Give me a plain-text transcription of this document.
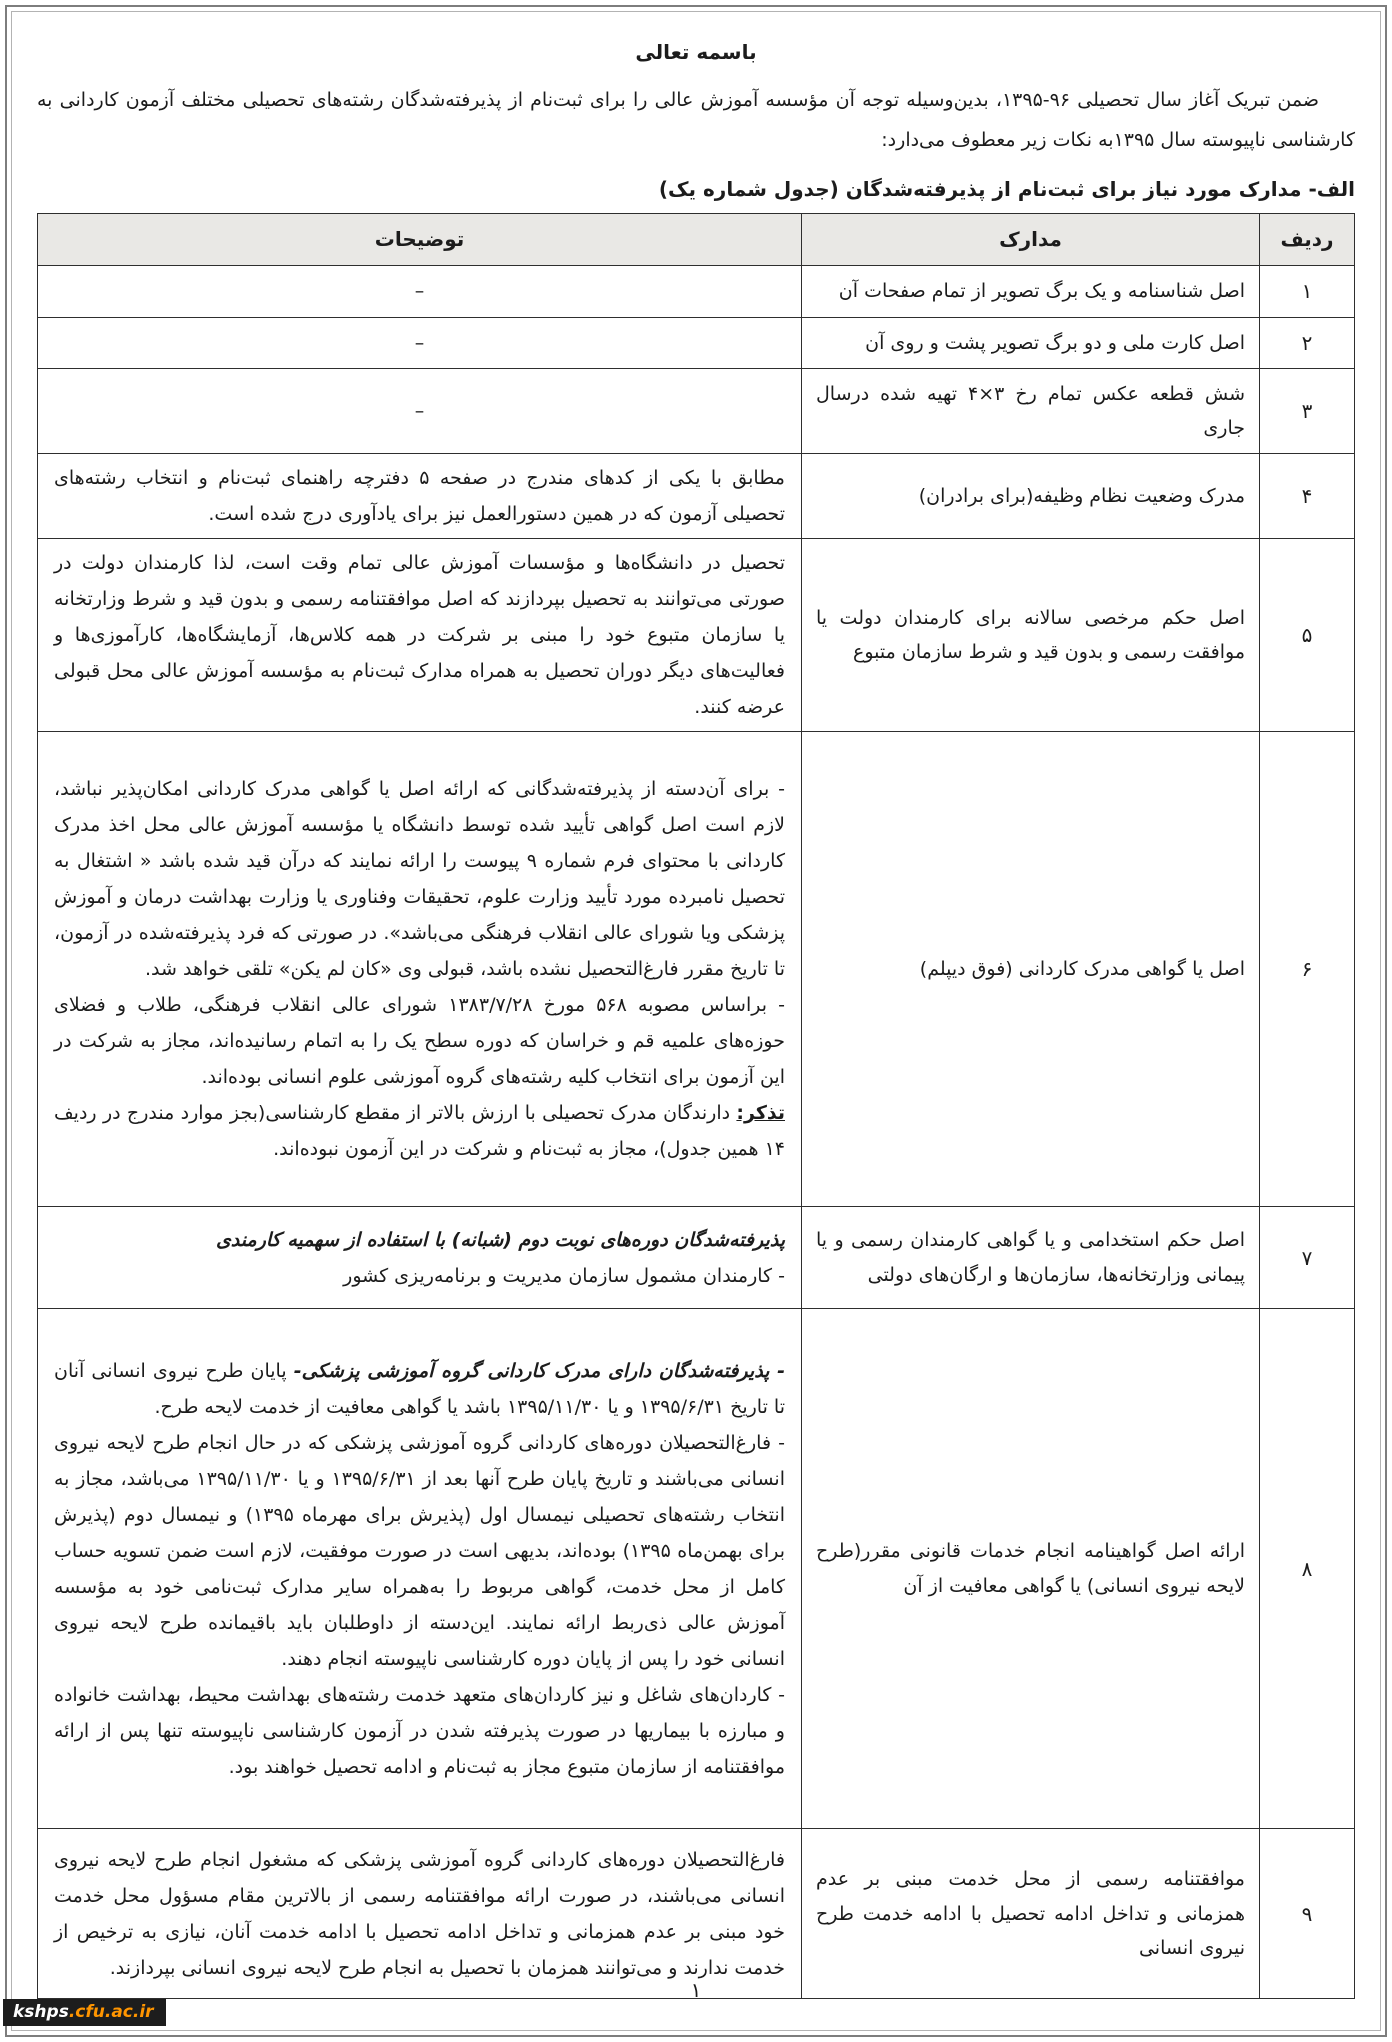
باسمه تعالی

ضمن تبریک آغاز سال تحصیلی ۹۶-۱۳۹۵، بدین‌وسیله توجه آن مؤسسه آموزش عالی را برای ثبت‌نام از پذیرفته‌شدگان رشته‌های تحصیلی مختلف آزمون کاردانی به کارشناسی ناپیوسته سال ۱۳۹۵به نکات زیر معطوف می‌دارد:

الف- مدارک مورد نیاز برای ثبت‌نام از پذیرفته‌شدگان (جدول شماره یک)
ردیف	مدارک	توضیحات
۱	اصل شناسنامه و یک برگ تصویر از تمام صفحات آن	–
۲	اصل کارت ملی و دو برگ تصویر پشت و روی آن	–
۳	شش قطعه عکس تمام رخ ۳×۴ تهیه شده درسال جاری	–
۴	مدرک وضعیت نظام وظیفه(برای برادران)	مطابق با یکی از کدهای مندرج در صفحه ۵ دفترچه راهنمای ثبت‌نام و انتخاب رشته‌های تحصیلی آزمون که در همین دستورالعمل نیز برای یادآوری درج شده است.

۵	اصل حکم مرخصی سالانه برای کارمندان دولت یا موافقت رسمی و بدون قید و شرط سازمان متبوع	تحصیل در دانشگاه‌ها و مؤسسات آموزش عالی تمام وقت است، لذا کارمندان دولت در صورتی می‌توانند به تحصیل بپردازند که اصل موافقتنامه رسمی و بدون قید و شرط وزارتخانه یا سازمان متبوع خود را مبنی بر شرکت در همه کلاس‌ها، آزمایشگاه‌ها، کارآموزی‌ها و فعالیت‌های دیگر دوران تحصیل به همراه مدارک ثبت‌نام به مؤسسه آموزش عالی محل قبولی عرضه کنند.

۶	اصل یا گواهی مدرک کاردانی (فوق دیپلم)	- برای آن‌دسته از پذیرفته‌شدگانی که ارائه اصل یا گواهی مدرک کاردانی امکان‌پذیر نباشد، لازم است اصل گواهی تأیید شده توسط دانشگاه یا مؤسسه آموزش عالی محل اخذ مدرک کاردانی با محتوای فرم شماره ۹ پیوست را ارائه نمایند که درآن قید شده باشد « اشتغال به تحصیل نامبرده مورد تأیید وزارت علوم، تحقیقات وفناوری یا وزارت بهداشت درمان و آموزش پزشکی ویا شورای عالی انقلاب فرهنگی می‌باشد». در صورتی که فرد پذیرفته‌شده در آزمون، تا تاریخ مقرر فارغ‌التحصیل نشده باشد، قبولی وی «کان لم یکن» تلقی خواهد شد.

- براساس مصوبه ۵۶۸ مورخ ۱۳۸۳/۷/۲۸ شورای عالی انقلاب فرهنگی، طلاب و فضلای حوزه‌های علمیه قم و خراسان که دوره سطح یک را به اتمام رسانیده‌اند، مجاز به شرکت در این آزمون برای انتخاب کلیه رشته‌های گروه آموزشی علوم انسانی بوده‌اند.

تذکر: دارندگان مدرک تحصیلی با ارزش بالاتر از مقطع کارشناسی(بجز موارد مندرج در ردیف ۱۴ همین جدول)، مجاز به ثبت‌نام و شرکت در این آزمون نبوده‌اند.

۷	اصل حکم استخدامی و یا گواهی کارمندان رسمی و یا پیمانی وزارتخانه‌ها، سازمان‌ها و ارگان‌های دولتی	پذیرفته‌شدگان دوره‌های نوبت دوم (شبانه) با استفاده از سهمیه کارمندی

- کارمندان مشمول سازمان مدیریت و برنامه‌ریزی کشور

۸	ارائه اصل گواهینامه انجام خدمات قانونی مقرر(طرح لایحه نیروی انسانی) یا گواهی معافیت از آن	- پذیرفته‌شدگان دارای مدرک کاردانی گروه آموزشی پزشکی- پایان طرح نیروی انسانی آنان تا تاریخ ۱۳۹۵/۶/۳۱ و یا ۱۳۹۵/۱۱/۳۰ باشد یا گواهی معافیت از خدمت لایحه طرح.

- فارغ‌التحصیلان دوره‌های کاردانی گروه آموزشی پزشکی که در حال انجام طرح لایحه نیروی انسانی می‌باشند و تاریخ پایان طرح آنها بعد از ۱۳۹۵/۶/۳۱ و یا ۱۳۹۵/۱۱/۳۰ می‌باشد، مجاز به انتخاب رشته‌های تحصیلی نیمسال اول (پذیرش برای مهرماه ۱۳۹۵) و نیمسال دوم (پذیرش برای بهمن‌ماه ۱۳۹۵) بوده‌اند، بدیهی است در صورت موفقیت، لازم است ضمن تسویه حساب کامل از محل خدمت، گواهی مربوط را به‌همراه سایر مدارک ثبت‌نامی خود به مؤسسه آموزش عالی ذی‌ربط ارائه نمایند. این‌دسته از داوطلبان باید باقیمانده طرح لایحه نیروی انسانی خود را پس از پایان دوره کارشناسی ناپیوسته انجام دهند.

- کاردان‌های شاغل و نیز کاردان‌های متعهد خدمت رشته‌های بهداشت محیط، بهداشت خانواده و مبارزه با بیماریها در صورت پذیرفته شدن در آزمون کارشناسی ناپیوسته تنها پس از ارائه موافقتنامه از سازمان متبوع مجاز به ثبت‌نام و ادامه تحصیل خواهند بود.

۹	موافقتنامه رسمی از محل خدمت مبنی بر عدم همزمانی و تداخل ادامه تحصیل با ادامه خدمت طرح نیروی انسانی	فارغ‌التحصیلان دوره‌های کاردانی گروه آموزشی پزشکی که مشغول انجام طرح لایحه نیروی انسانی می‌باشند، در صورت ارائه موافقتنامه رسمی از بالاترین مقام مسؤول محل خدمت خود مبنی بر عدم همزمانی و تداخل ادامه تحصیل با ادامه خدمت آنان، نیازی به ترخیص از خدمت ندارند و می‌توانند همزمان با تحصیل به انجام طرح لایحه نیروی انسانی بپردازند.

۱
kshps.cfu.ac.ir
